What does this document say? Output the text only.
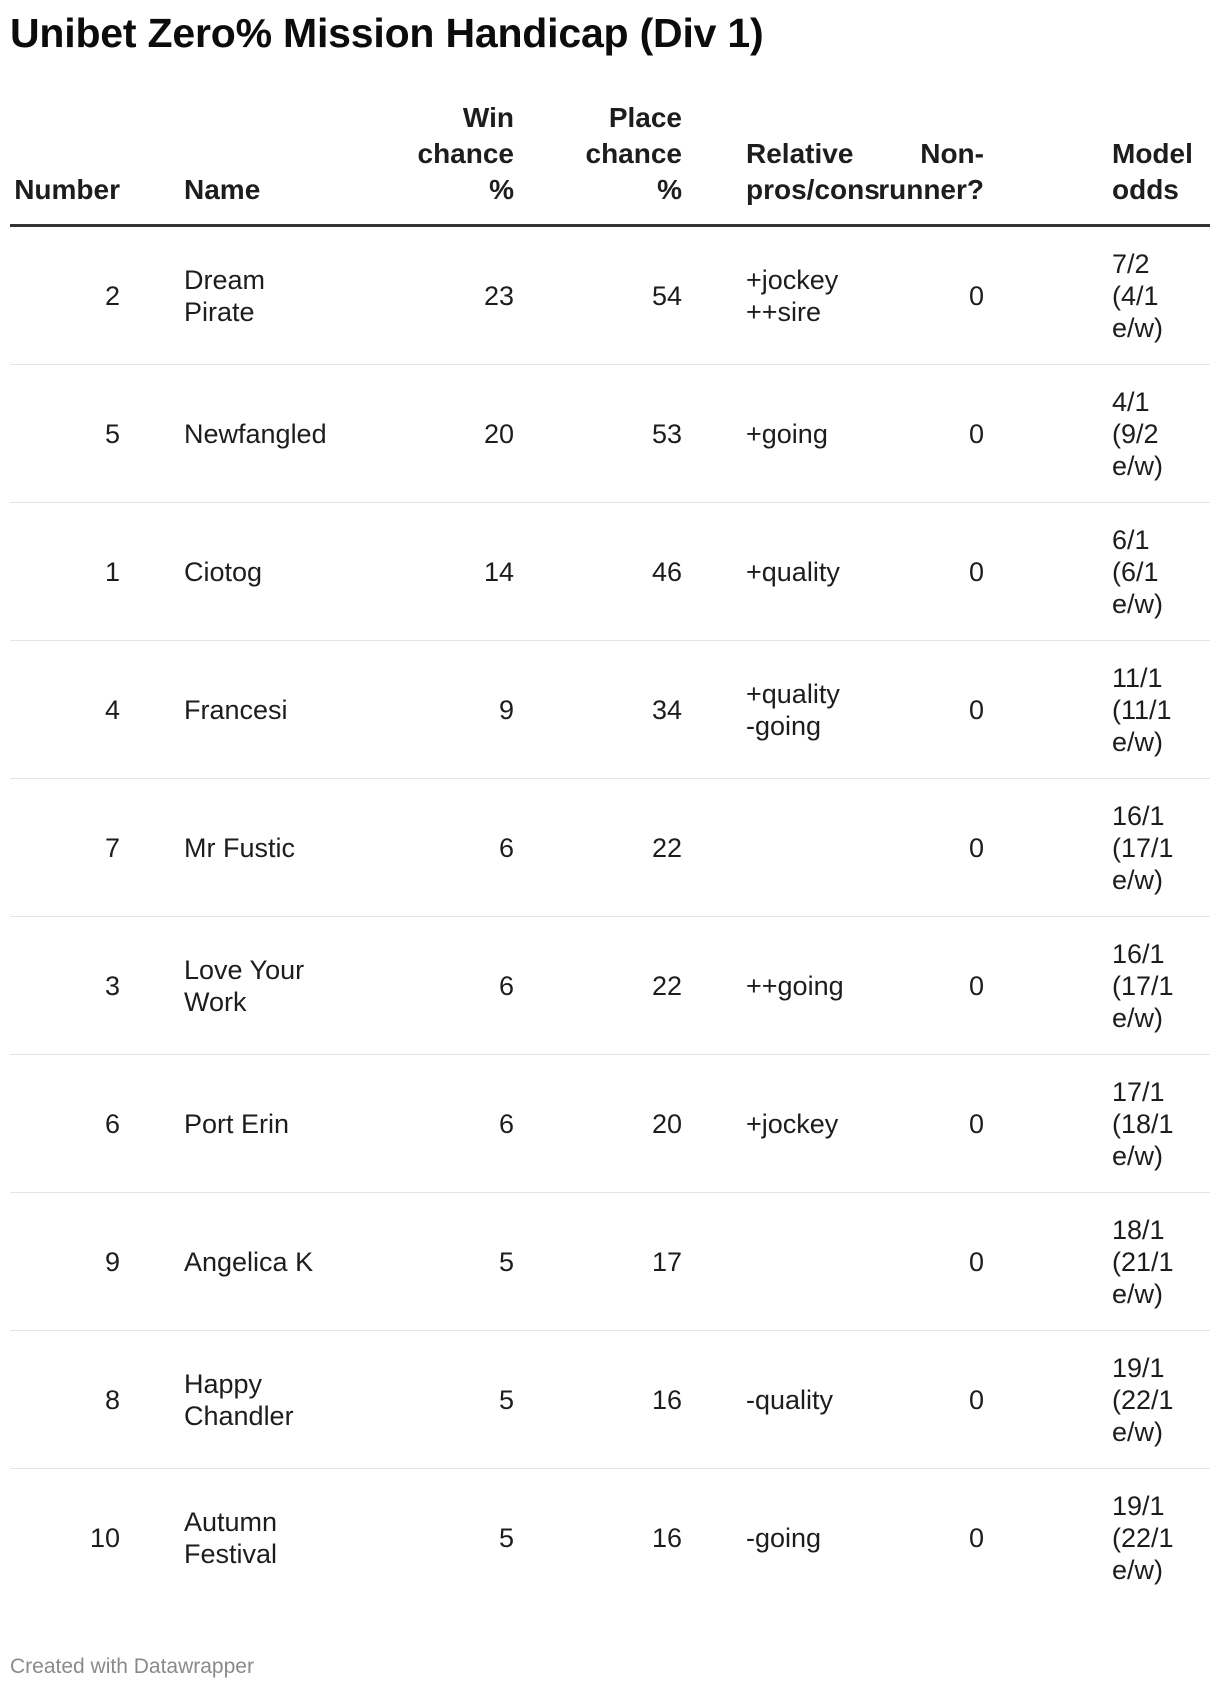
Unibet Zero% Mission Handicap (Div 1)
Number	Name	Win
chance
%	Place
chance
%	Relative
pros/cons	Non-
runner?	Model
odds

2	Dream
Pirate	23	54	+jockey
++sire	0	7/2
(4/1
e/w)

5	Newfangled	20	53	+going	0	4/1
(9/2
e/w)

1	Ciotog	14	46	+quality	0	6/1
(6/1
e/w)

4	Francesi	9	34	+quality
-going	0	11/1
(11/1
e/w)

7	Mr Fustic	6	22		0	16/1
(17/1
e/w)

3	Love Your
Work	6	22	++going	0	16/1
(17/1
e/w)

6	Port Erin	6	20	+jockey	0	17/1
(18/1
e/w)

9	Angelica K	5	17		0	18/1
(21/1
e/w)

8	Happy
Chandler	5	16	-quality	0	19/1
(22/1
e/w)

10	Autumn
Festival	5	16	-going	0	19/1
(22/1
e/w)
Created with Datawrapper
